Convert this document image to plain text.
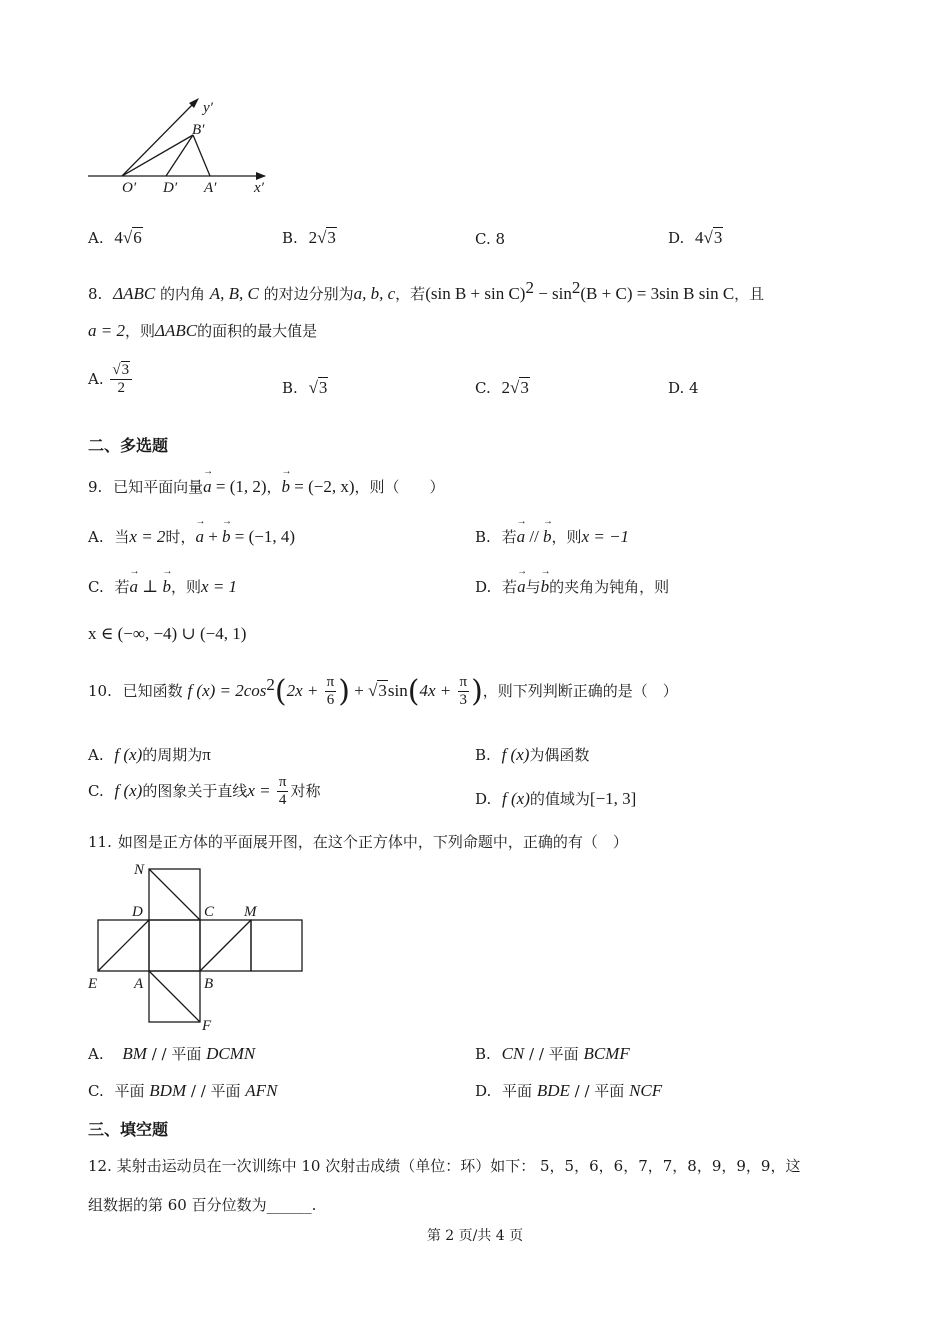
y′
B′
O′ D′ A′	x′
A. 4√6	B. 2√3	C. 8	D. 4√3
8. ΔABC 的内角 A, B, C 的对边分别为a, b, c，若(sin $B + \sin C)^2 - \sin^2(B + C) = 3\sin$ B sin C，且
a = 2，则ΔABC的面积的最大值是
A. $\frac{√3}{2}$	B. √3	C. 2√3	D. 4
二、多选题
9. 已知平面向量→ a = (1, 2)，→ b = (−2, x)，则（　　）
A. 当x = 2时，→ a + → b = (−1, 4)	B. 若→ a // → b，则x = −1
C. 若→ a ⊥ → b，则x = 1	D. 若→ a与→ b的夹角为钝角，则
x ∈ (−∞, −4) ∪ (−4, 1)
10. 已知函数 f $(x) = 2\cos^2(2x + \frac{\pi}{6}$ ) + $√3\sin(4x + \frac{\pi}{3}$ )，则下列判断正确的是（　）
A. f (x)的周期为π	B. f (x)为偶函数
C. f (x)的图象关于直线$x = \frac{\pi}{4}$ 对称	D. f (x)的值域为[−1, 3]
11. 如图是正方体的平面展开图，在这个正方体中，下列命题中，正确的有（　）
N
D	C M
E A	B
F
A. BM / / 平面 DCMN	B. CN / / 平面 BCMF
C. 平面 BDM / / 平面 AFN	D. 平面 BDE / / 平面 NCF
三、填空题
12. 某射击运动员在一次训练中 10 次射击成绩（单位：环）如下： 5，5，6，6，7，7，8，9，9，9，这
组数据的第 60 百分位数为______.
第 2 页/共 4 页
